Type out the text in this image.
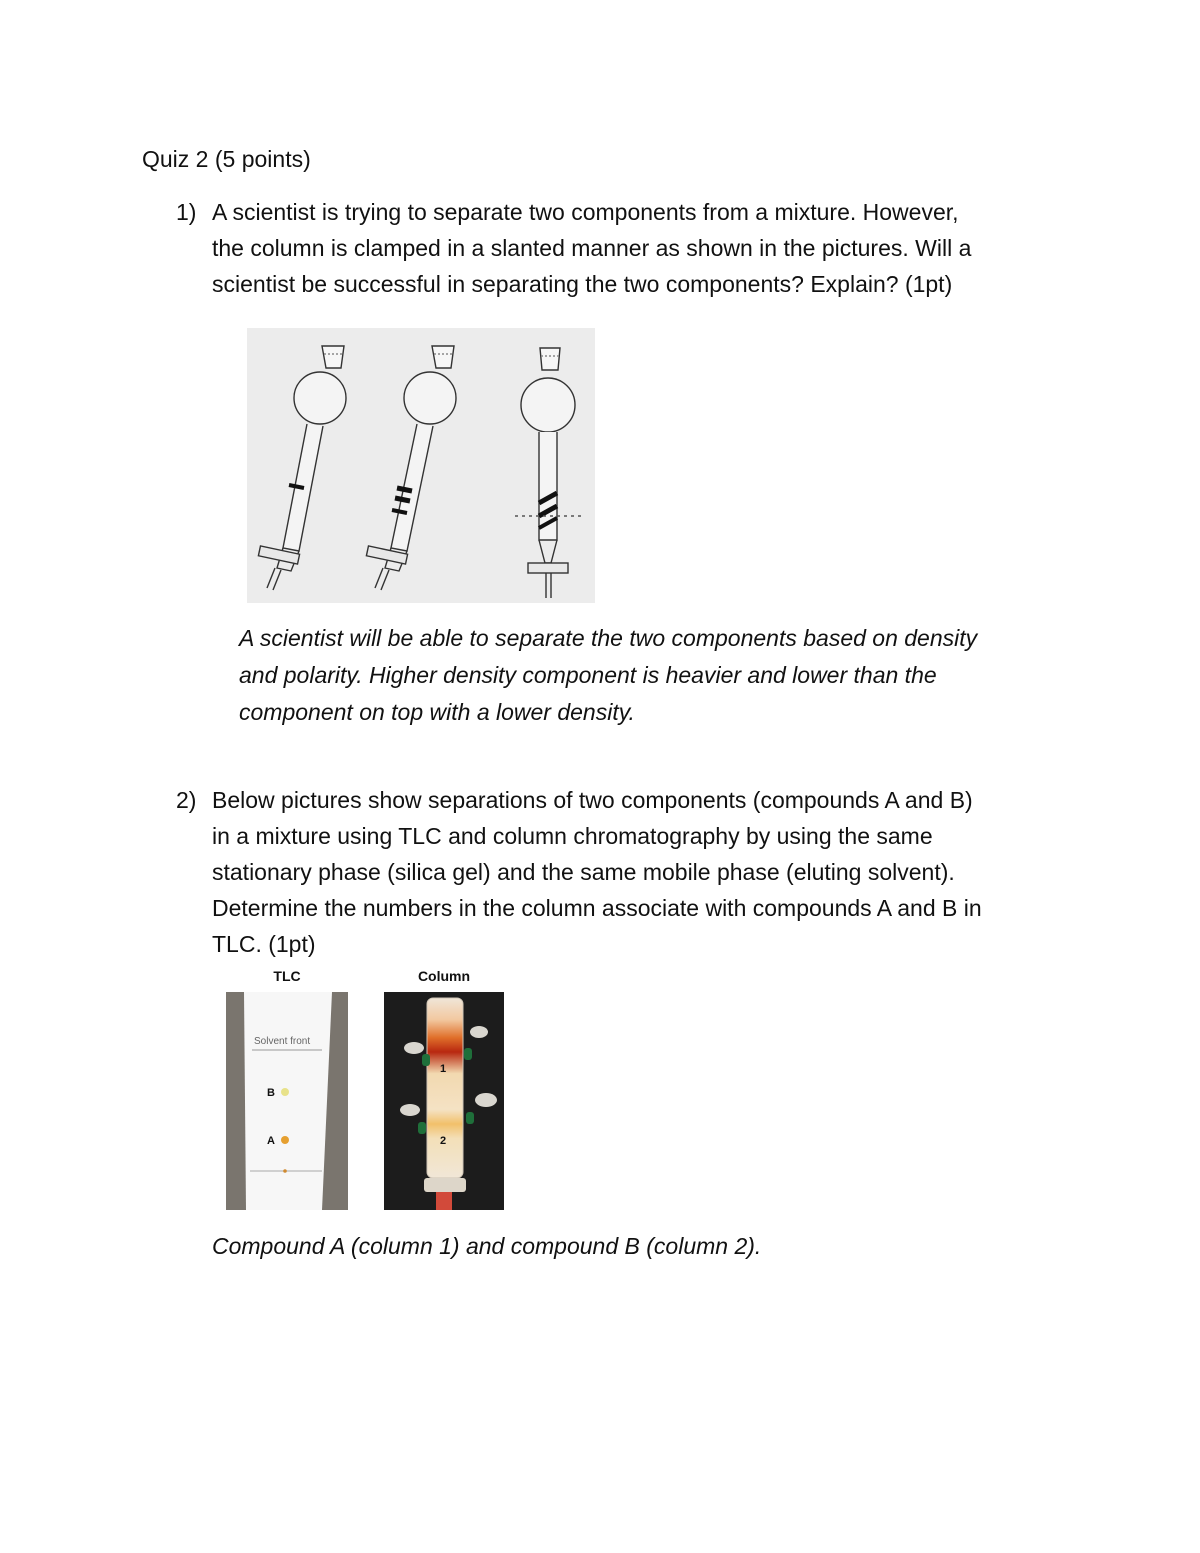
Quiz 2 (5 points)
1) A scientist is trying to separate two components from a mixture. However,
the column is clamped in a slanted manner as shown in the pictures. Will a
scientist be successful in separating the two components? Explain? (1pt)
A scientist will be able to separate the two components based on density
and polarity. Higher density component is heavier and lower than the
component on top with a lower density.
2) Below pictures show separations of two components (compounds A and B)
in a mixture using TLC and column chromatography by using the same
stationary phase (silica gel) and the same mobile phase (eluting solvent).
Determine the numbers in the column associate with compounds A and B in
TLC. (1pt)
TLC	Column
Solvent front
B
A
1
2
Compound A (column 1) and compound B (column 2).
